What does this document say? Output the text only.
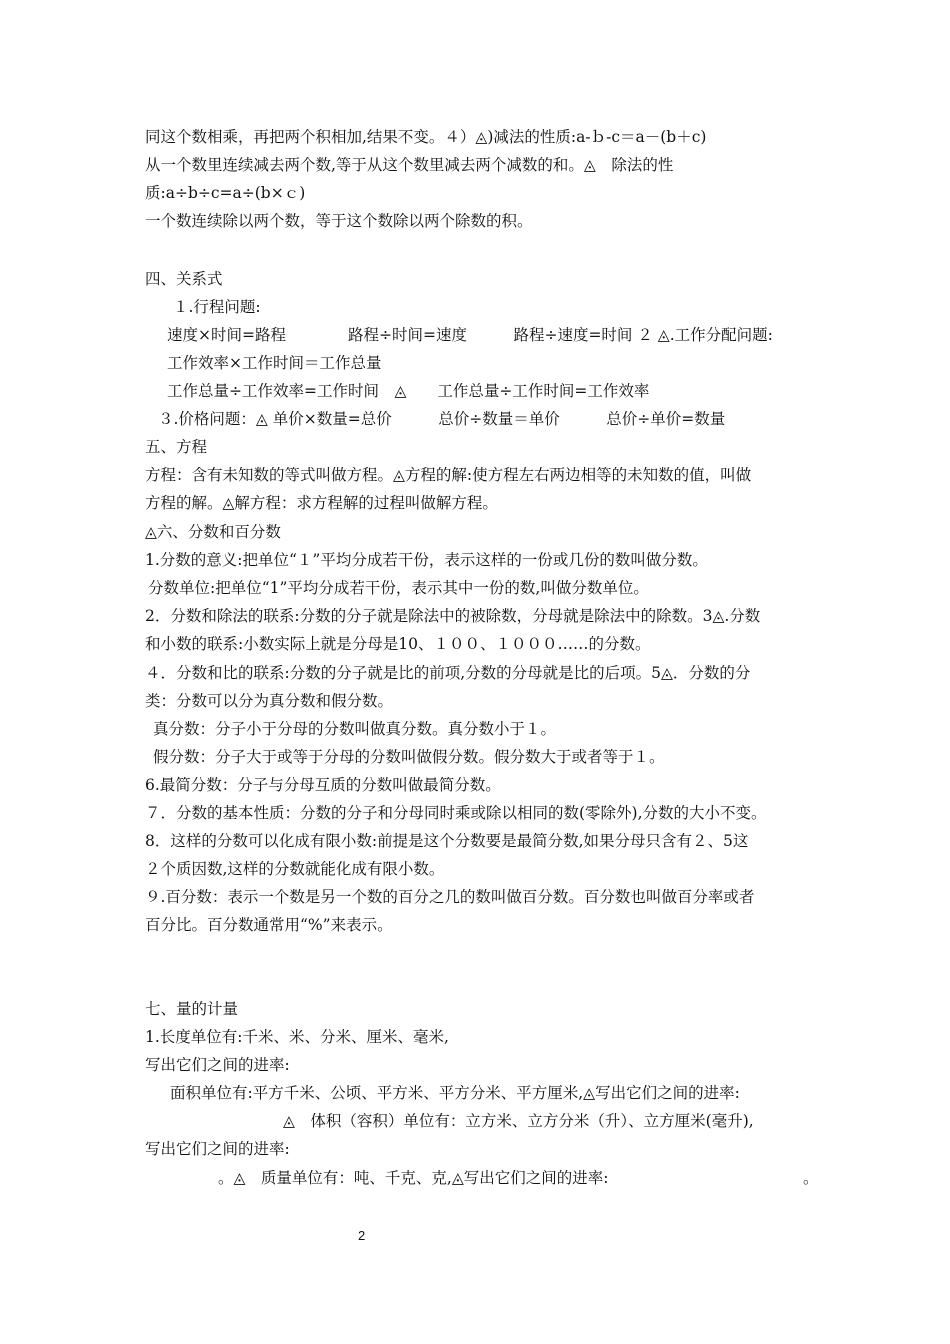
同这个数相乘，再把两个积相加,结果不变。４）◬)减法的性质:a-ｂ-c＝a－(b＋c)
从一个数里连续减去两个数,等于从这个数里减去两个减数的和。◬　除法的性
质:a÷b÷c=a÷(b×ｃ)
一个数连续除以两个数，等于这个数除以两个除数的积。
四、关系式
１.行程问题:
速度×时间=路程　　　　路程÷时间=速度　　　路程÷速度=时间 ２ ◬.工作分配问题:
工作效率×工作时间＝工作总量
工作总量÷工作效率=工作时间　◬　　工作总量÷工作时间=工作效率
３.价格问题：◬ 单价×数量=总价　　　总价÷数量＝单价　　　总价÷单价=数量
五、方程
方程：含有未知数的等式叫做方程。◬方程的解:使方程左右两边相等的未知数的值，叫做
方程的解。◬解方程：求方程解的过程叫做解方程。
◬六、分数和百分数
1.分数的意义:把单位“１”平均分成若干份，表示这样的一份或几份的数叫做分数。
分数单位:把单位“1”平均分成若干份，表示其中一份的数,叫做分数单位。
2．分数和除法的联系:分数的分子就是除法中的被除数，分母就是除法中的除数。3◬.分数
和小数的联系:小数实际上就是分母是10、１００、１０００……的分数。
４．分数和比的联系:分数的分子就是比的前项,分数的分母就是比的后项。5◬．分数的分
类：分数可以分为真分数和假分数。
真分数：分子小于分母的分数叫做真分数。真分数小于１。
假分数：分子大于或等于分母的分数叫做假分数。假分数大于或者等于１。
6.最简分数：分子与分母互质的分数叫做最简分数。
７．分数的基本性质：分数的分子和分母同时乘或除以相同的数(零除外),分数的大小不变。
8．这样的分数可以化成有限小数:前提是这个分数要是最简分数,如果分母只含有２、5这
２个质因数,这样的分数就能化成有限小数。
９.百分数：表示一个数是另一个数的百分之几的数叫做百分数。百分数也叫做百分率或者
百分比。百分数通常用“%”来表示。
七、量的计量
1.长度单位有:千米、米、分米、厘米、毫米,
写出它们之间的进率:
面积单位有:平方千米、公顷、平方米、平方分米、平方厘米,◬写出它们之间的进率:
◬　体积（容积）单位有：立方米、立方分米（升）、立方厘米(毫升),
写出它们之间的进率:
。◬　质量单位有：吨、千克、克,◬写出它们之间的进率:	。
2
